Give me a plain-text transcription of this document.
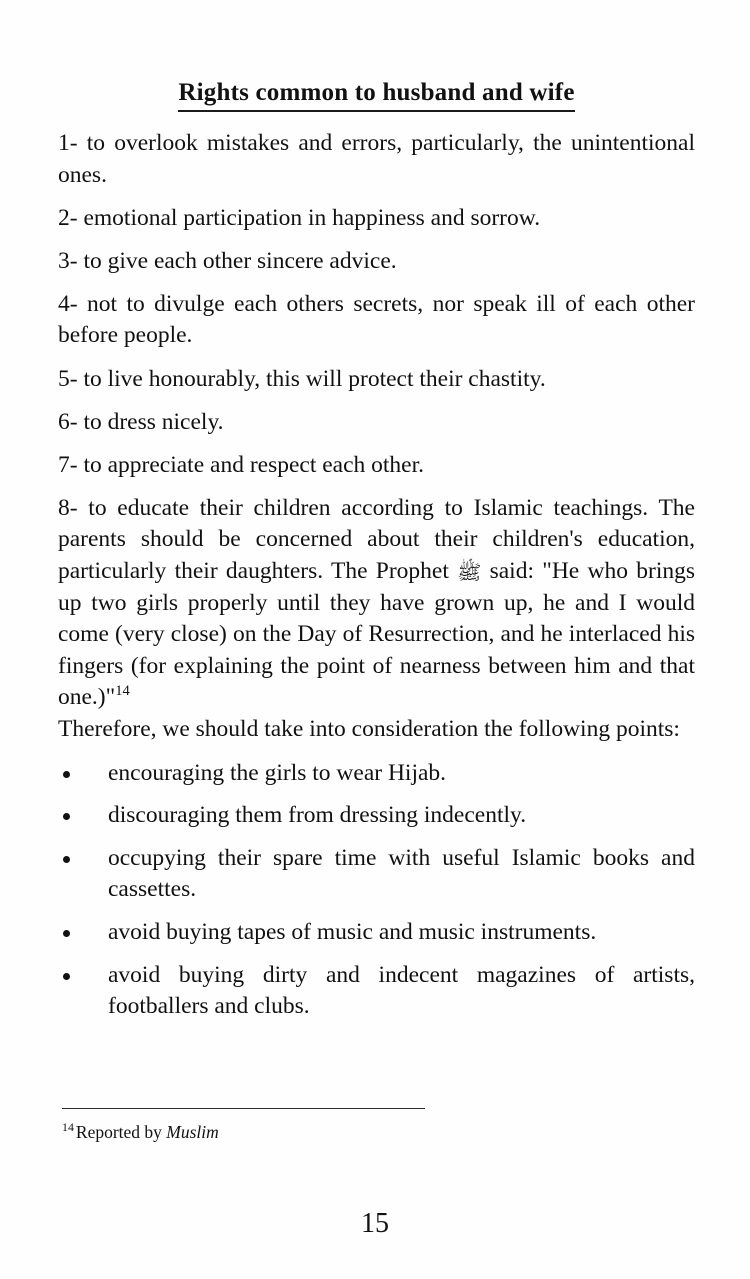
Rights common to husband and wife

1- to overlook mistakes and errors, particularly, the unintentional ones.

2- emotional participation in happiness and sorrow.

3- to give each other sincere advice.

4- not to divulge each others secrets, nor speak ill of each other before people.

5- to live honourably, this will protect their chastity.

6- to dress nicely.

7- to appreciate and respect each other.

8- to educate their children according to Islamic teachings. The parents should be concerned about their children's education, particularly their daughters. The Prophet ﷺ said: "He who brings up two girls properly until they have grown up, he and I would come (very close) on the Day of Resurrection, and he interlaced his fingers (for explaining the point of nearness between him and that one.)"$^{14}$

Therefore, we should take into consideration the following points:

encouraging the girls to wear Hijab.
discouraging them from dressing indecently.
occupying their spare time with useful Islamic books and cassettes.
avoid buying tapes of music and music instruments.
avoid buying dirty and indecent magazines of artists, footballers and clubs.
$^{14}$ Reported by Muslim
15
